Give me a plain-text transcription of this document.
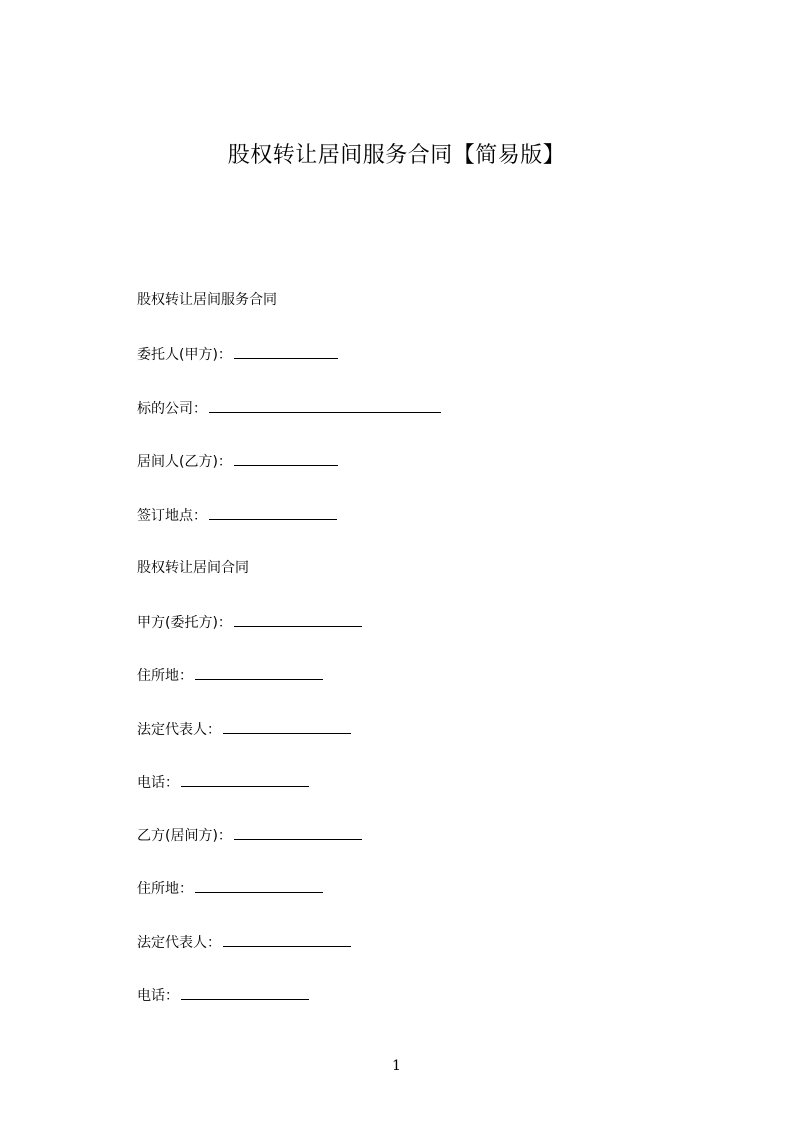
股权转让居间服务合同【简易版】
股权转让居间服务合同
委托人(甲方)：
标的公司：
居间人(乙方)：
签订地点：
股权转让居间合同
甲方(委托方)：
住所地：
法定代表人：
电话：
乙方(居间方)：
住所地：
法定代表人：
电话：
1
